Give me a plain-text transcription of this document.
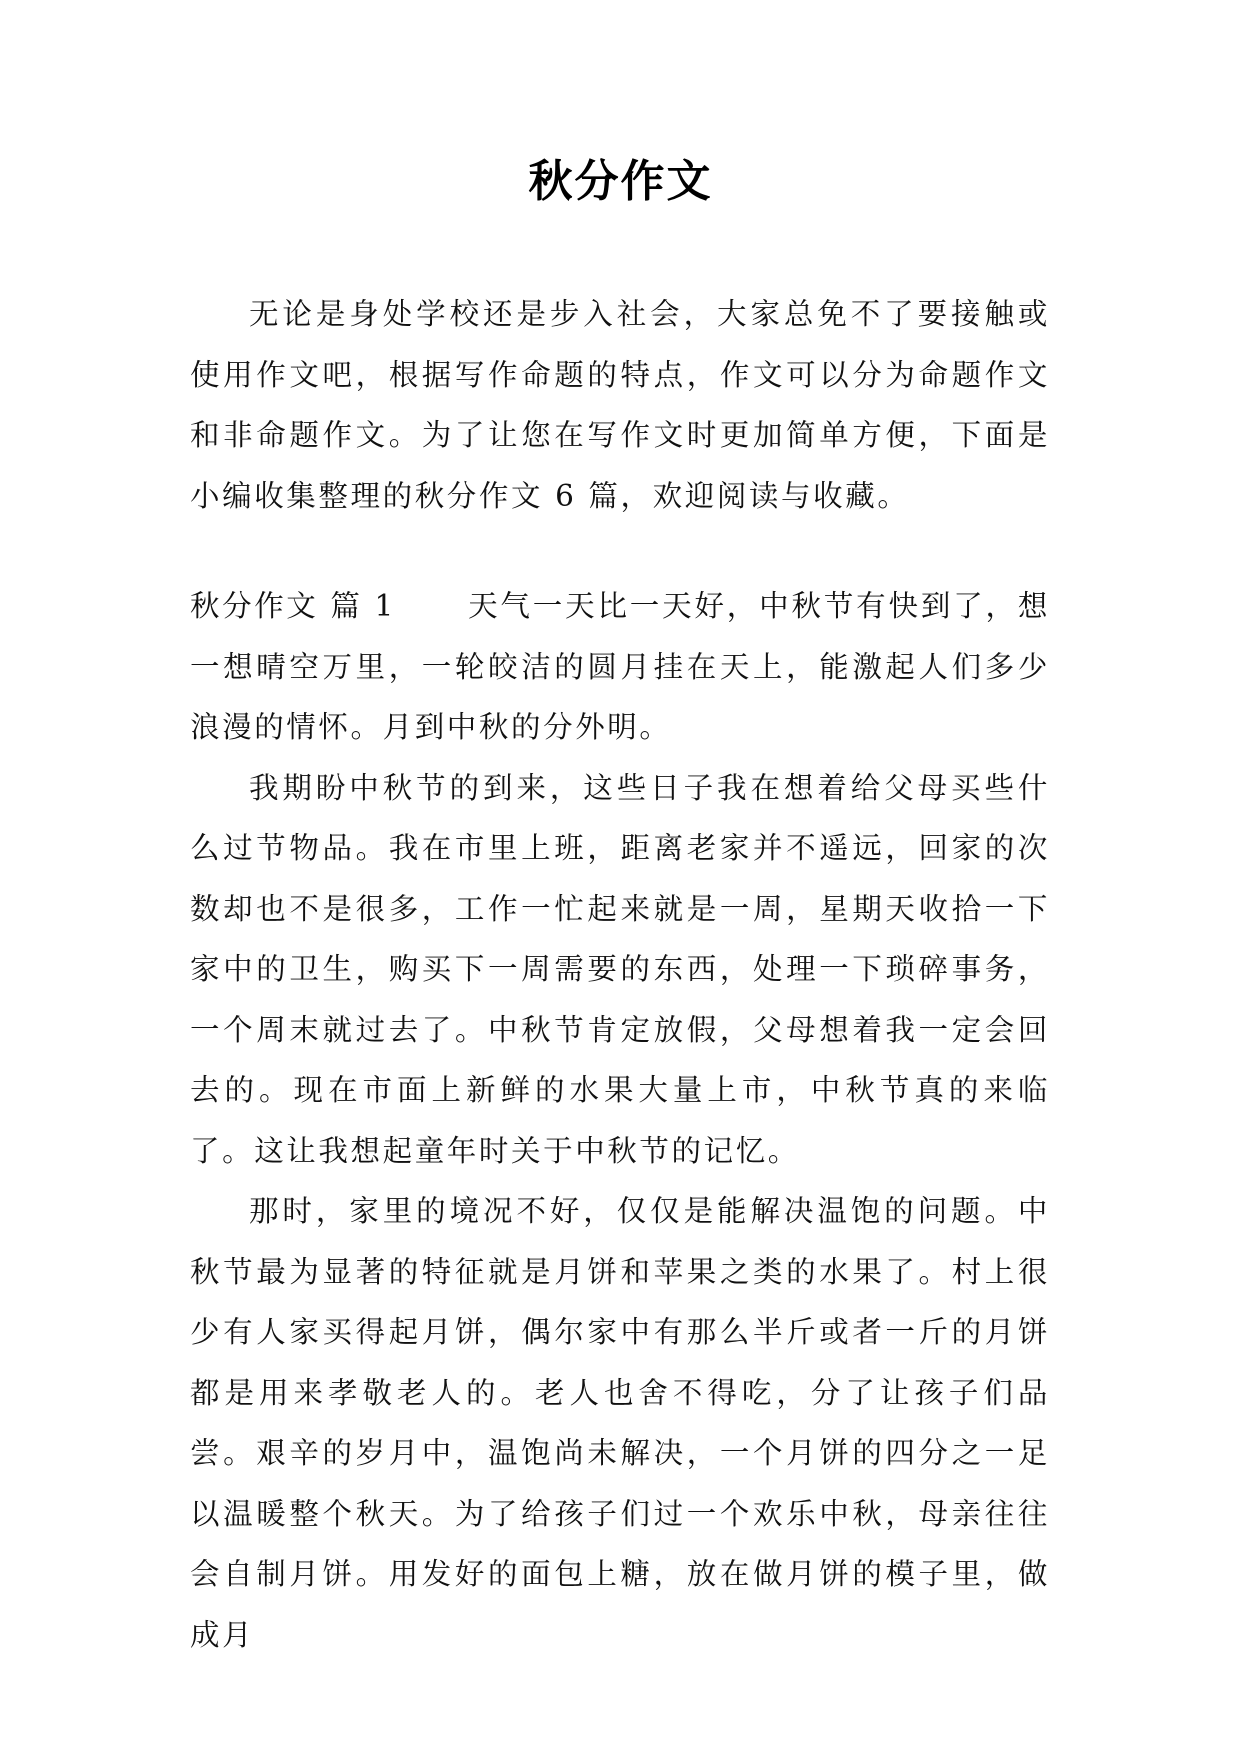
秋分作文

无论是身处学校还是步入社会，大家总免不了要接触或使用作文吧，根据写作命题的特点，作文可以分为命题作文和非命题作文。为了让您在写作文时更加简单方便，下面是小编收集整理的秋分作文 6 篇，欢迎阅读与收藏。

秋分作文 篇 1 天气一天比一天好，中秋节有快到了，想一想晴空万里，一轮皎洁的圆月挂在天上，能激起人们多少浪漫的情怀。月到中秋的分外明。

我期盼中秋节的到来，这些日子我在想着给父母买些什么过节物品。我在市里上班，距离老家并不遥远，回家的次数却也不是很多，工作一忙起来就是一周，星期天收拾一下家中的卫生，购买下一周需要的东西，处理一下琐碎事务，一个周末就过去了。中秋节肯定放假，父母想着我一定会回去的。现在市面上新鲜的水果大量上市，中秋节真的来临了。这让我想起童年时关于中秋节的记忆。

那时，家里的境况不好，仅仅是能解决温饱的问题。中秋节最为显著的特征就是月饼和苹果之类的水果了。村上很少有人家买得起月饼，偶尔家中有那么半斤或者一斤的月饼都是用来孝敬老人的。老人也舍不得吃，分了让孩子们品尝。艰辛的岁月中，温饱尚未解决，一个月饼的四分之一足以温暖整个秋天。为了给孩子们过一个欢乐中秋，母亲往往会自制月饼。用发好的面包上糖，放在做月饼的模子里，做成月
